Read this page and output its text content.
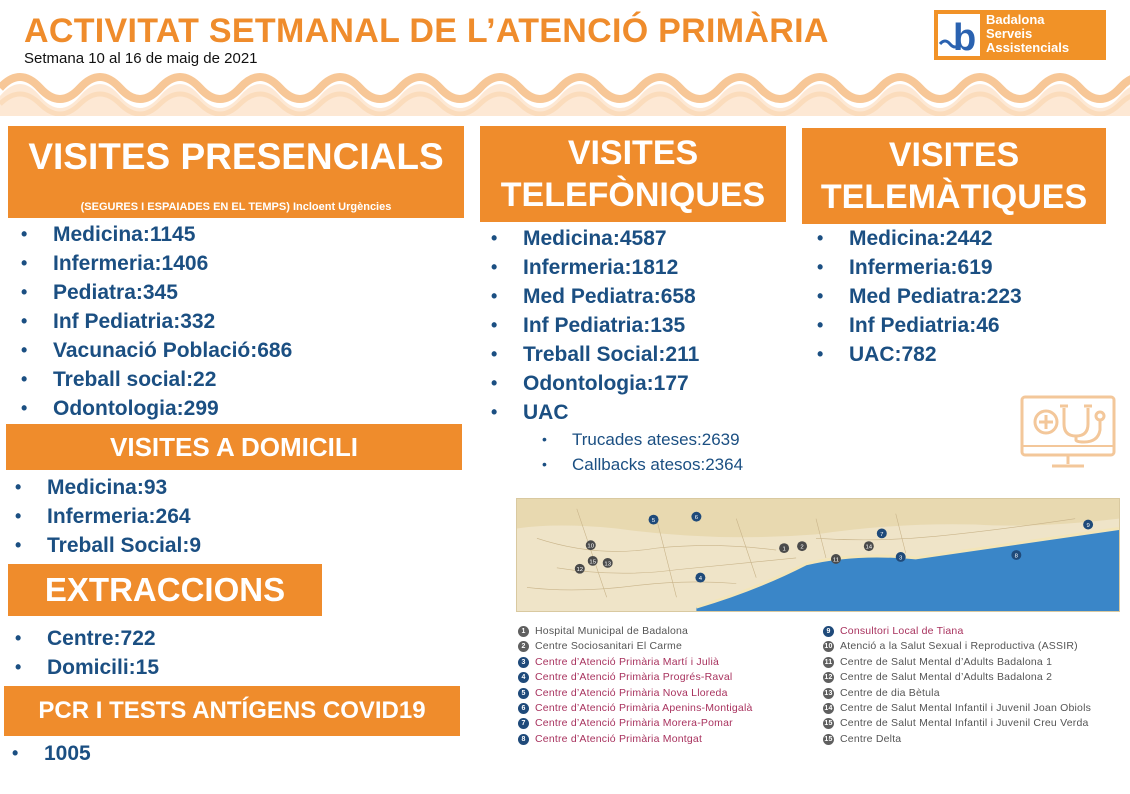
ACTIVITAT SETMANAL DE L’ATENCIÓ PRIMÀRIA
Setmana 10 al 16 de maig de 2021	b Badalona
Serveis
Assistencials
VISITES PRESENCIALS
(SEGURES I ESPAIADES EN EL TEMPS) Incloent Urgències
• Medicina:1145
• Infermeria:1406
• Pediatra:345
• Inf Pediatria:332
• Vacunació Població:686
• Treball social:22
• Odontologia:299
VISITES
TELEFÒNIQUES
• Medicina:4587
• Infermeria:1812
• Med Pediatra:658
• Inf Pediatria:135
• Treball Social:211
• Odontologia:177
• UAC
• Trucades ateses:2639
• Callbacks atesos:2364
VISITES
TELEMÀTIQUES
• Medicina:2442
• Infermeria:619
• Med Pediatra:223
• Inf Pediatria:46
• UAC:782
VISITES A DOMICILI
• Medicina:93
• Infermeria:264
• Treball Social:9
EXTRACCIONS
• Centre:722
• Domicili:15
PCR I TESTS ANTÍGENS COVID19
• 1005
1 2
3
4
5	6
7
8
9
10
11
12
13
14
15
1 Hospital Municipal de Badalona
2 Centre Sociosanitari El Carme
3 Centre d’Atenció Primària Martí i Julià
4 Centre d’Atenció Primària Progrés-Raval
5 Centre d’Atenció Primària Nova Lloreda
6 Centre d’Atenció Primària Apenins-Montigalà
7 Centre d’Atenció Primària Morera-Pomar
8 Centre d’Atenció Primària Montgat
9 Consultori Local de Tiana
10 Atenció a la Salut Sexual i Reproductiva (ASSIR)
11 Centre de Salut Mental d’Adults Badalona 1
12 Centre de Salut Mental d’Adults Badalona 2
13 Centre de dia Bètula
14 Centre de Salut Mental Infantil i Juvenil Joan Obiols
15 Centre de Salut Mental Infantil i Juvenil Creu Verda
15 Centre Delta
